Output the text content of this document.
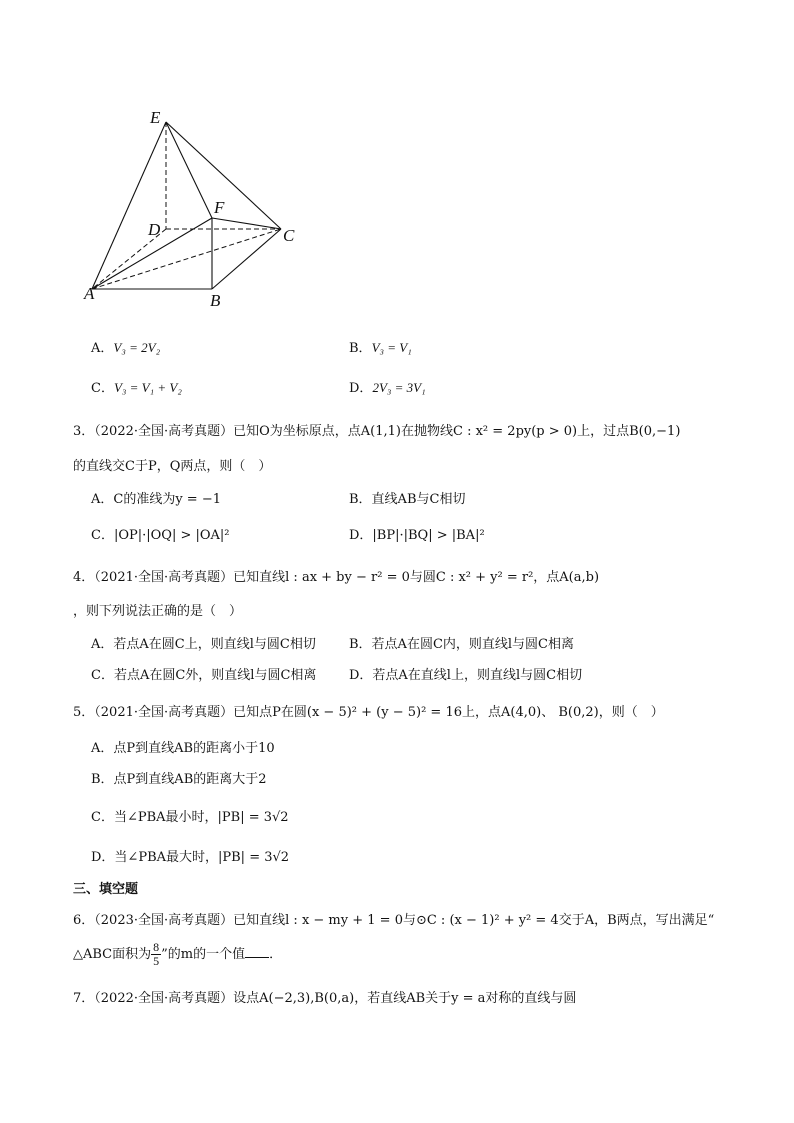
E
F
D	C
A	B
A．V₃ = 2V₂	B．V₃ = V₁
C．V₃ = V₁ + V₂	D．2V₃ = 3V₁
3．（2022·全国·高考真题）已知O为坐标原点，点A(1,1)在抛物线C : x² = 2py(p > 0)上，过点B(0,−1)
的直线交C于P，Q两点，则（　）
A．C的准线为y = −1	B．直线AB与C相切
C．|OP|·|OQ| > |OA|²	D．|BP|·|BQ| > |BA|²
4．（2021·全国·高考真题）已知直线l : ax + by − r² = 0与圆C : x² + y² = r²，点A(a,b)
，则下列说法正确的是（　）
A．若点A在圆C上，则直线l与圆C相切	B．若点A在圆C内，则直线l与圆C相离
C．若点A在圆C外，则直线l与圆C相离	D．若点A在直线l上，则直线l与圆C相切
5．（2021·全国·高考真题）已知点P在圆(x − 5)² + (y − 5)² = 16上，点A(4,0)、 B(0,2)，则（　）
A．点P到直线AB的距离小于10
B．点P到直线AB的距离大于2
C．当∠PBA最小时，|PB| = 3√2
D．当∠PBA最大时，|PB| = 3√2
三、填空题
6．（2023·全国·高考真题）已知直线l : x − my + 1 = 0与⊙C : (x − 1)² + y² = 4交于A，B两点，写出满足“
△ABC面积为 $\frac{8}{5}$ ”的m的一个值 ．
7．（2022·全国·高考真题）设点A(−2,3),B(0,a)，若直线AB关于y = a对称的直线与圆
